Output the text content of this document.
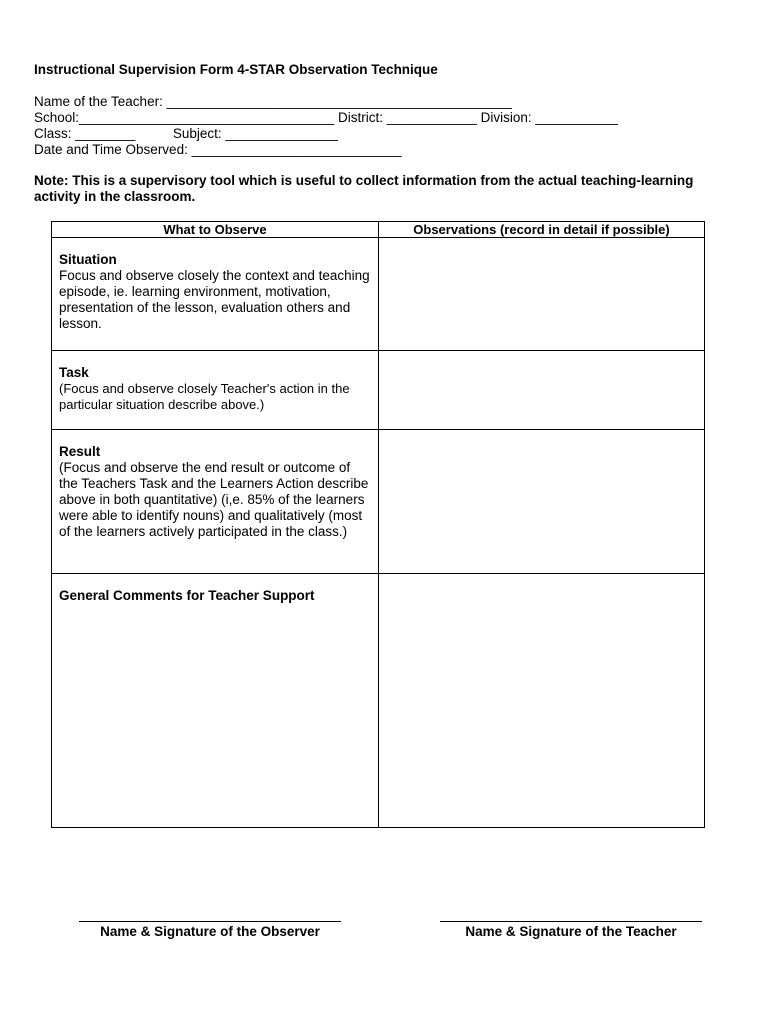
Instructional Supervision Form 4-STAR Observation Technique
Name of the Teacher: ______________________________________________
School:__________________________________ District: ____________ Division: ___________
Class: ________          Subject: _______________
Date and Time Observed: ____________________________
Note: This is a supervisory tool which is useful to collect information from the actual teaching-learning activity in the classroom.
What to Observe	Observations (record in detail if possible)

Situation
Focus and observe closely the context and teaching episode, ie. learning environment, motivation, presentation of the lesson, evaluation others and lesson.	

Task
(Focus and observe closely Teacher's action in the particular situation describe above.)	

Result
(Focus and observe the end result or outcome of the Teachers Task and the Learners Action describe above in both quantitative) (i,e. 85% of the learners were able to identify nouns) and qualitatively (most of the learners actively participated in the class.)	

General Comments for Teacher Support	

Name & Signature of the Observer	Name & Signature of the Teacher
